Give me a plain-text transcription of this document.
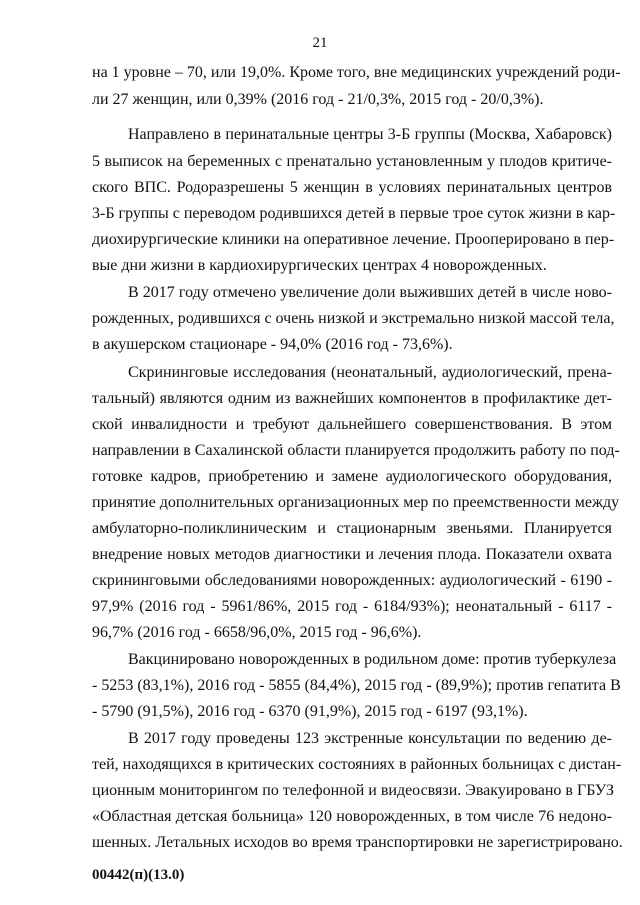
21
на 1 уровне – 70, или 19,0%. Кроме того, вне медицинских учреждений роди-
ли 27 женщин, или 0,39% (2016 год - 21/0,3%, 2015 год - 20/0,3%).
Направлено в перинатальные центры 3-Б группы (Москва, Хабаровск)
5 выписок на беременных с пренатально установленным у плодов критиче-
ского ВПС. Родоразрешены 5 женщин в условиях перинатальных центров
3-Б группы с переводом родившихся детей в первые трое суток жизни в кар-
диохирургические клиники на оперативное лечение. Прооперировано в пер-
вые дни жизни в кардиохирургических центрах 4 новорожденных.
В 2017 году отмечено увеличение доли выживших детей в числе ново-
рожденных, родившихся с очень низкой и экстремально низкой массой тела,
в акушерском стационаре - 94,0% (2016 год - 73,6%).
Скрининговые исследования (неонатальный, аудиологический, прена-
тальный) являются одним из важнейших компонентов в профилактике дет-
ской инвалидности и требуют дальнейшего совершенствования. В этом
направлении в Сахалинской области планируется продолжить работу по под-
готовке кадров, приобретению и замене аудиологического оборудования,
принятие дополнительных организационных мер по преемственности между
амбулаторно-поликлиническим и стационарным звеньями. Планируется
внедрение новых методов диагностики и лечения плода. Показатели охвата
скрининговыми обследованиями новорожденных: аудиологический - 6190 -
97,9% (2016 год - 5961/86%, 2015 год - 6184/93%); неонатальный - 6117 -
96,7% (2016 год - 6658/96,0%, 2015 год - 96,6%).
Вакцинировано новорожденных в родильном доме: против туберкулеза
- 5253 (83,1%), 2016 год - 5855 (84,4%), 2015 год - (89,9%); против гепатита В
- 5790 (91,5%), 2016 год - 6370 (91,9%), 2015 год - 6197 (93,1%).
В 2017 году проведены 123 экстренные консультации по ведению де-
тей, находящихся в критических состояниях в районных больницах с дистан-
ционным мониторингом по телефонной и видеосвязи. Эвакуировано в ГБУЗ
«Областная детская больница» 120 новорожденных, в том числе 76 недоно-
шенных. Летальных исходов во время транспортировки не зарегистрировано.
00442(п)(13.0)
